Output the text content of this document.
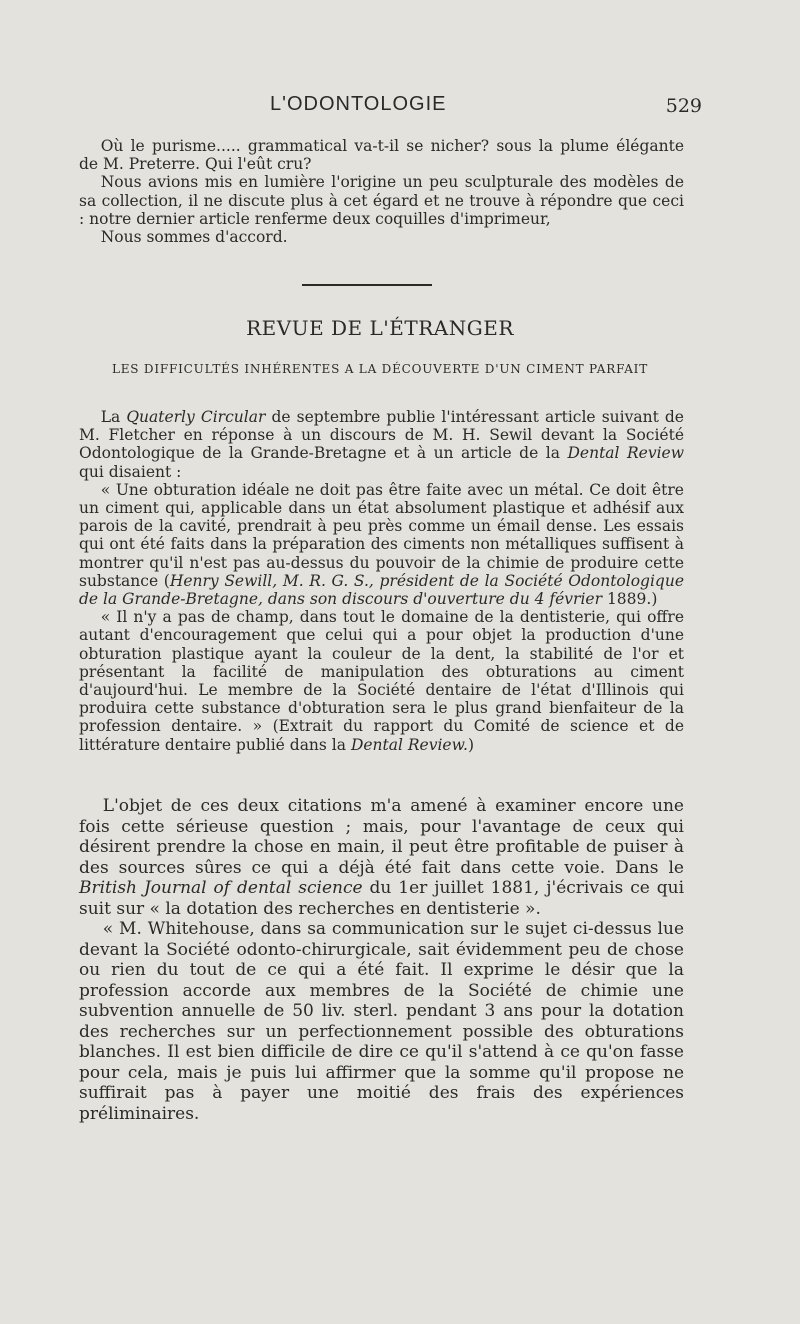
L'ODONTOLOGIE	529

Où le purisme..... grammatical va-t-il se nicher? sous la plume élégante de M. Preterre. Qui l'eût cru?

Nous avions mis en lumière l'origine un peu sculpturale des modèles de sa collection, il ne discute plus à cet égard et ne trouve à répondre que ceci : notre dernier article renferme deux coquilles d'imprimeur,

Nous sommes d'accord.

REVUE DE L'ÉTRANGER
LES DIFFICULTÉS INHÉRENTES A LA DÉCOUVERTE D'UN CIMENT PARFAIT

La Quaterly Circular de septembre publie l'intéressant article suivant de M. Fletcher en réponse à un discours de M. H. Sewil devant la Société Odontologique de la Grande-Bretagne et à un article de la Dental Review qui disaient :

« Une obturation idéale ne doit pas être faite avec un métal. Ce doit être un ciment qui, applicable dans un état absolument plastique et adhésif aux parois de la cavité, prendrait à peu près comme un émail dense. Les essais qui ont été faits dans la préparation des ciments non métalliques suffisent à montrer qu'il n'est pas au-dessus du pouvoir de la chimie de produire cette substance (Henry Sewill, M. R. G. S., président de la Société Odontologique de la Grande-Bretagne, dans son discours d'ouverture du 4 février 1889.)

« Il n'y a pas de champ, dans tout le domaine de la dentisterie, qui offre autant d'encouragement que celui qui a pour objet la production d'une obturation plastique ayant la couleur de la dent, la stabilité de l'or et présentant la facilité de manipulation des obturations au ciment d'aujourd'hui. Le membre de la Société dentaire de l'état d'Illinois qui produira cette substance d'obturation sera le plus grand bienfaiteur de la profession dentaire. » (Extrait du rapport du Comité de science et de littérature dentaire publié dans la Dental Review.)

L'objet de ces deux citations m'a amené à examiner encore une fois cette sérieuse question ; mais, pour l'avantage de ceux qui désirent prendre la chose en main, il peut être profitable de puiser à des sources sûres ce qui a déjà été fait dans cette voie. Dans le British Journal of dental science du 1er juillet 1881, j'écrivais ce qui suit sur « la dotation des recherches en dentisterie ».

« M. Whitehouse, dans sa communication sur le sujet ci-dessus lue devant la Société odonto-chirurgicale, sait évidemment peu de chose ou rien du tout de ce qui a été fait. Il exprime le désir que la profession accorde aux membres de la Société de chimie une subvention annuelle de 50 liv. sterl. pendant 3 ans pour la dotation des recherches sur un perfectionnement possible des obturations blanches. Il est bien difficile de dire ce qu'il s'attend à ce qu'on fasse pour cela, mais je puis lui affirmer que la somme qu'il propose ne suffirait pas à payer une moitié des frais des expériences préliminaires.
